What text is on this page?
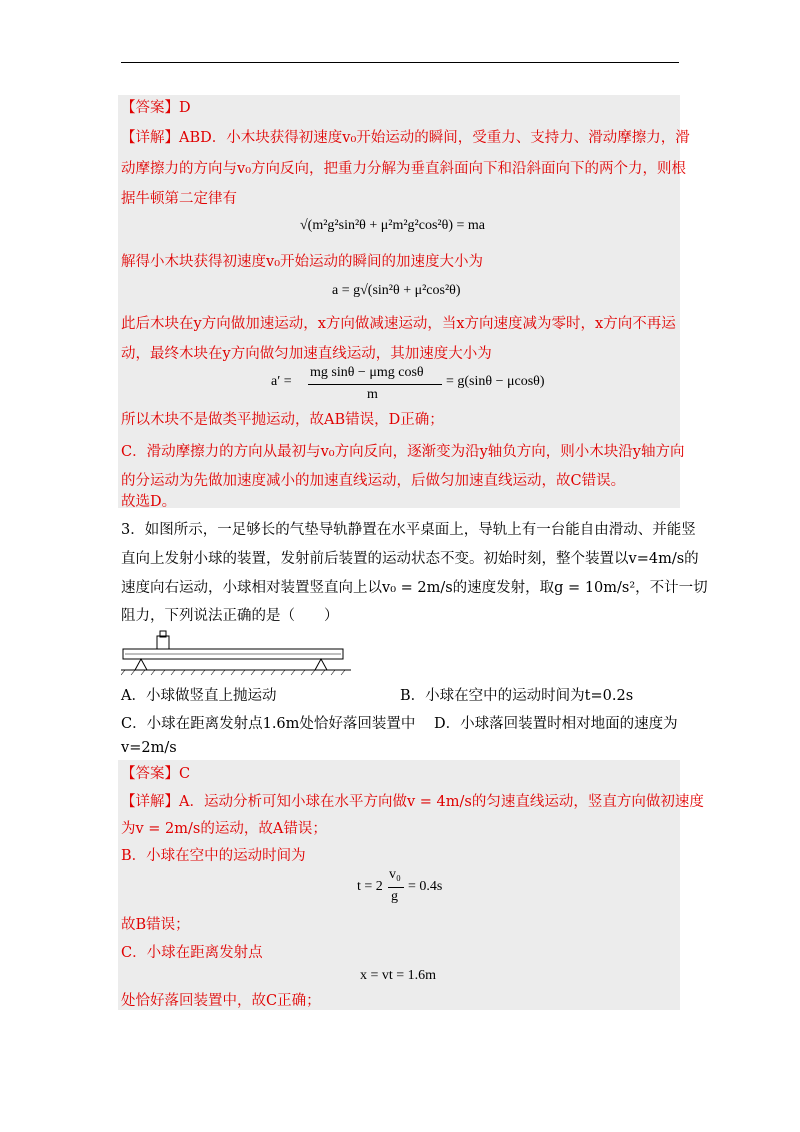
【答案】D
【详解】ABD．小木块获得初速度v₀开始运动的瞬间，受重力、支持力、滑动摩擦力，滑
动摩擦力的方向与v₀方向反向，把重力分解为垂直斜面向下和沿斜面向下的两个力，则根
据牛顿第二定律有
√(m²g²sin²θ + μ²m²g²cos²θ) = ma
解得小木块获得初速度v₀开始运动的瞬间的加速度大小为
a = g√(sin²θ + μ²cos²θ)
此后木块在y方向做加速运动，x方向做减速运动，当x方向速度减为零时，x方向不再运
动，最终木块在y方向做匀加速直线运动，其加速度大小为
a′ =
mg sinθ − μmg cosθ
m
= g(sinθ − μcosθ)
所以木块不是做类平抛运动，故AB错误，D正确；
C．滑动摩擦力的方向从最初与v₀方向反向，逐渐变为沿y轴负方向，则小木块沿y轴方向
的分运动为先做加速度减小的加速直线运动，后做匀加速直线运动，故C错误。
故选D。
3．如图所示，一足够长的气垫导轨静置在水平桌面上，导轨上有一台能自由滑动、并能竖
直向上发射小球的装置，发射前后装置的运动状态不变。初始时刻，整个装置以v=4m/s的
速度向右运动，小球相对装置竖直向上以v₀ = 2m/s的速度发射，取g = 10m/s²，不计一切
阻力，下列说法正确的是（　　）
A．小球做竖直上抛运动	B．小球在空中的运动时间为t=0.2s
C．小球在距离发射点1.6m处恰好落回装置中 D．小球落回装置时相对地面的速度为
v=2m/s
【答案】C
【详解】A．运动分析可知小球在水平方向做v = 4m/s的匀速直线运动，竖直方向做初速度
为v = 2m/s的运动，故A错误；
B．小球在空中的运动时间为
t = 2
v₀
g
= 0.4s
故B错误；
C．小球在距离发射点
x = vt = 1.6m
处恰好落回装置中，故C正确；
